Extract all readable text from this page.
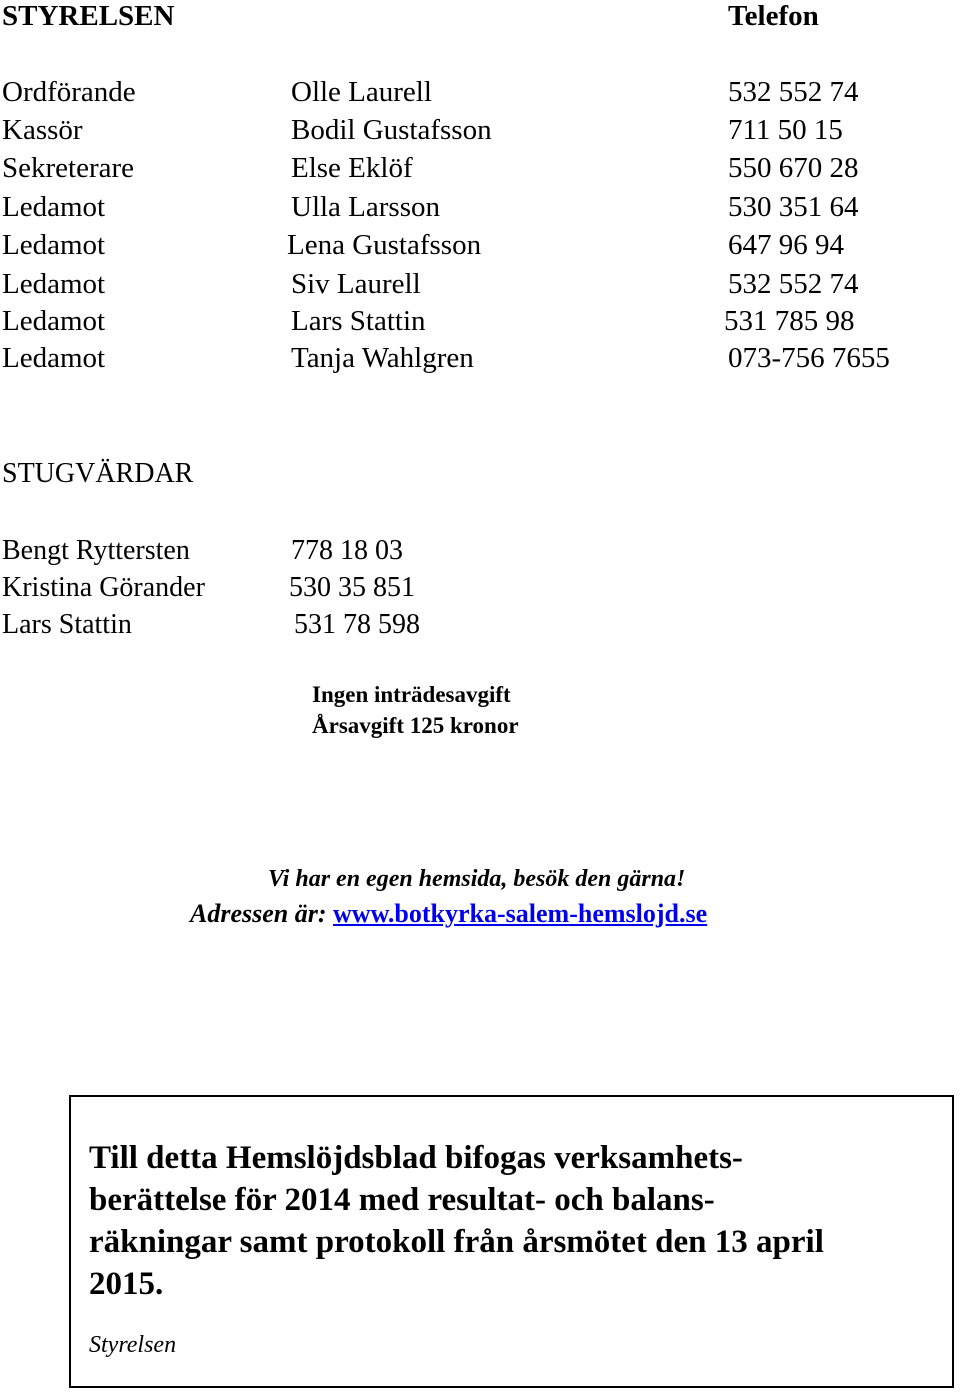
STYRELSEN	Telefon
Ordförande	Olle Laurell	532 552 74
Kassör	Bodil Gustafsson	711 50 15
Sekreterare	Else Eklöf	550 670 28
Ledamot	Ulla Larsson	530 351 64
Ledamot	Lena Gustafsson	647 96 94
Ledamot	Siv Laurell	532 552 74
Ledamot	Lars Stattin	531 785 98
Ledamot	Tanja Wahlgren	073-756 7655
STUGVÄRDAR
Bengt Ryttersten	778 18 03
Kristina Görander	530 35 851
Lars Stattin	531 78 598
Ingen inträdesavgift
Årsavgift 125 kronor
Vi har en egen hemsida, besök den gärna!
Adressen är: www.botkyrka-salem-hemslojd.se
Till detta Hemslöjdsblad bifogas verksamhets-berättelse för 2014 med resultat- och balans-räkningar samt protokoll från årsmötet den 13 april 2015.
Styrelsen
